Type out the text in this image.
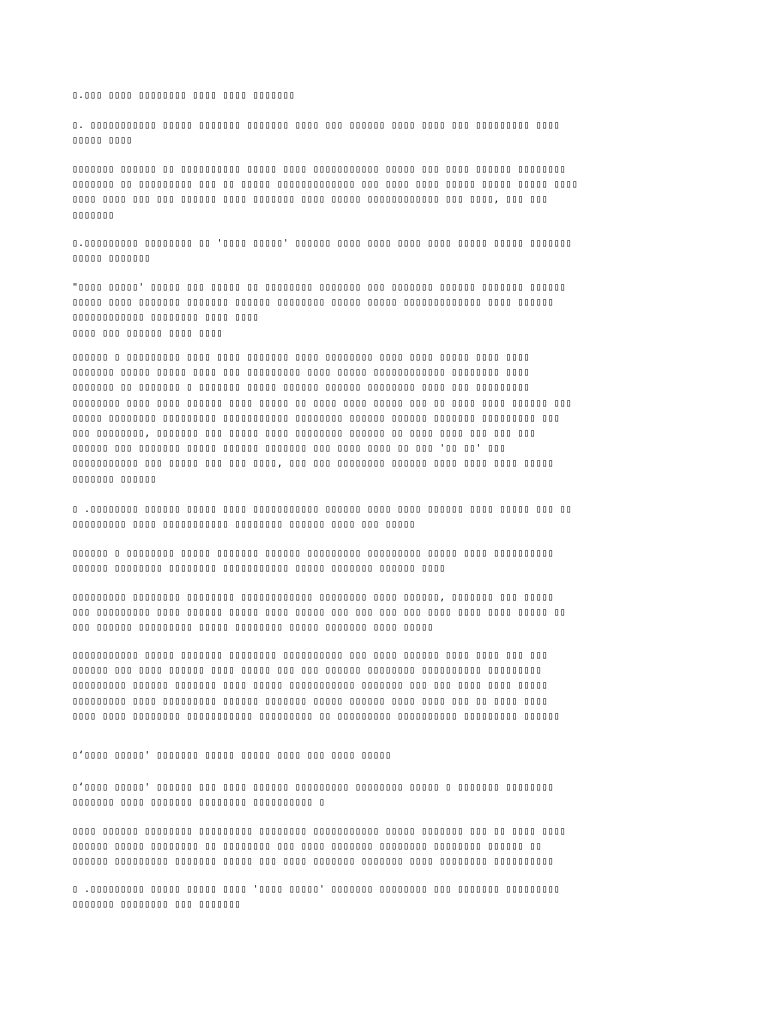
▯.▯▯▯ ▯▯▯▯ ▯▯▯▯▯▯▯▯ ▯▯▯▯ ▯▯▯▯ ▯▯▯▯▯▯▯

▯. ▯▯▯▯▯▯▯▯▯▯▯ ▯▯▯▯▯ ▯▯▯▯▯▯▯ ▯▯▯▯▯▯▯ ▯▯▯▯ ▯▯▯ ▯▯▯▯▯▯ ▯▯▯▯ ▯▯▯▯ ▯▯▯ ▯▯▯▯▯▯▯▯▯ ▯▯▯▯
▯▯▯▯▯ ▯▯▯▯

▯▯▯▯▯▯▯ ▯▯▯▯▯▯ ▯▯ ▯▯▯▯▯▯▯▯▯▯ ▯▯▯▯▯ ▯▯▯▯ ▯▯▯▯▯▯▯▯▯▯▯ ▯▯▯▯▯ ▯▯▯ ▯▯▯▯ ▯▯▯▯▯▯ ▯▯▯▯▯▯▯▯
▯▯▯▯▯▯▯ ▯▯ ▯▯▯▯▯▯▯▯▯ ▯▯▯ ▯▯ ▯▯▯▯▯ ▯▯▯▯▯▯▯▯▯▯▯▯▯ ▯▯▯ ▯▯▯▯ ▯▯▯▯ ▯▯▯▯▯ ▯▯▯▯▯ ▯▯▯▯▯ ▯▯▯▯
▯▯▯▯ ▯▯▯▯ ▯▯▯ ▯▯▯ ▯▯▯▯▯▯ ▯▯▯▯ ▯▯▯▯▯▯▯ ▯▯▯▯ ▯▯▯▯▯ ▯▯▯▯▯▯▯▯▯▯▯▯ ▯▯▯ ▯▯▯▯, ▯▯▯ ▯▯▯
▯▯▯▯▯▯▯

▯.▯▯▯▯▯▯▯▯▯ ▯▯▯▯▯▯▯▯ ▯▯ '▯▯▯▯ ▯▯▯▯▯' ▯▯▯▯▯▯ ▯▯▯▯ ▯▯▯▯ ▯▯▯▯ ▯▯▯▯ ▯▯▯▯▯ ▯▯▯▯▯ ▯▯▯▯▯▯▯
▯▯▯▯▯ ▯▯▯▯▯▯▯

"▯▯▯▯ ▯▯▯▯▯' ▯▯▯▯▯ ▯▯▯ ▯▯▯▯▯ ▯▯ ▯▯▯▯▯▯▯▯ ▯▯▯▯▯▯▯ ▯▯▯ ▯▯▯▯▯▯▯ ▯▯▯▯▯▯ ▯▯▯▯▯▯▯ ▯▯▯▯▯▯
▯▯▯▯▯ ▯▯▯▯ ▯▯▯▯▯▯▯ ▯▯▯▯▯▯▯ ▯▯▯▯▯▯ ▯▯▯▯▯▯▯▯ ▯▯▯▯▯ ▯▯▯▯▯ ▯▯▯▯▯▯▯▯▯▯▯▯▯ ▯▯▯▯ ▯▯▯▯▯▯
▯▯▯▯▯▯▯▯▯▯▯▯ ▯▯▯▯▯▯▯▯ ▯▯▯▯ ▯▯▯▯
▯▯▯▯ ▯▯▯ ▯▯▯▯▯▯ ▯▯▯▯ ▯▯▯▯

▯▯▯▯▯▯ ▯ ▯▯▯▯▯▯▯▯▯ ▯▯▯▯ ▯▯▯▯ ▯▯▯▯▯▯▯ ▯▯▯▯ ▯▯▯▯▯▯▯▯ ▯▯▯▯ ▯▯▯▯ ▯▯▯▯▯ ▯▯▯▯ ▯▯▯▯
▯▯▯▯▯▯▯ ▯▯▯▯▯ ▯▯▯▯▯ ▯▯▯▯ ▯▯▯ ▯▯▯▯▯▯▯▯▯ ▯▯▯▯ ▯▯▯▯▯ ▯▯▯▯▯▯▯▯▯▯▯▯ ▯▯▯▯▯▯▯▯ ▯▯▯▯
▯▯▯▯▯▯▯ ▯▯ ▯▯▯▯▯▯▯ ▯ ▯▯▯▯▯▯▯ ▯▯▯▯▯ ▯▯▯▯▯▯ ▯▯▯▯▯▯ ▯▯▯▯▯▯▯▯ ▯▯▯▯ ▯▯▯ ▯▯▯▯▯▯▯▯▯
▯▯▯▯▯▯▯▯ ▯▯▯▯ ▯▯▯▯ ▯▯▯▯▯▯ ▯▯▯▯ ▯▯▯▯▯ ▯▯ ▯▯▯▯ ▯▯▯▯ ▯▯▯▯▯ ▯▯▯ ▯▯ ▯▯▯▯ ▯▯▯▯ ▯▯▯▯▯▯ ▯▯▯
▯▯▯▯▯ ▯▯▯▯▯▯▯▯ ▯▯▯▯▯▯▯▯▯ ▯▯▯▯▯▯▯▯▯▯▯ ▯▯▯▯▯▯▯▯ ▯▯▯▯▯▯ ▯▯▯▯▯▯ ▯▯▯▯▯▯▯ ▯▯▯▯▯▯▯▯▯ ▯▯▯
▯▯▯ ▯▯▯▯▯▯▯▯, ▯▯▯▯▯▯▯ ▯▯▯ ▯▯▯▯▯ ▯▯▯▯ ▯▯▯▯▯▯▯▯ ▯▯▯▯▯▯ ▯▯ ▯▯▯▯ ▯▯▯▯ ▯▯▯ ▯▯▯ ▯▯▯
▯▯▯▯▯▯ ▯▯▯ ▯▯▯▯▯▯▯ ▯▯▯▯▯ ▯▯▯▯▯▯ ▯▯▯▯▯▯▯ ▯▯▯ ▯▯▯▯ ▯▯▯▯ ▯▯ ▯▯▯ '▯▯ ▯▯' ▯▯▯
▯▯▯▯▯▯▯▯▯▯▯ ▯▯▯ ▯▯▯▯▯ ▯▯▯ ▯▯▯ ▯▯▯▯, ▯▯▯ ▯▯▯ ▯▯▯▯▯▯▯▯ ▯▯▯▯▯▯ ▯▯▯▯ ▯▯▯▯ ▯▯▯▯ ▯▯▯▯▯
▯▯▯▯▯▯▯ ▯▯▯▯▯▯

▯ .▯▯▯▯▯▯▯▯ ▯▯▯▯▯▯ ▯▯▯▯▯ ▯▯▯▯ ▯▯▯▯▯▯▯▯▯▯▯ ▯▯▯▯▯▯ ▯▯▯▯ ▯▯▯▯ ▯▯▯▯▯▯ ▯▯▯▯ ▯▯▯▯▯ ▯▯▯ ▯▯
▯▯▯▯▯▯▯▯▯ ▯▯▯▯ ▯▯▯▯▯▯▯▯▯▯▯ ▯▯▯▯▯▯▯▯ ▯▯▯▯▯▯ ▯▯▯▯ ▯▯▯ ▯▯▯▯▯

▯▯▯▯▯▯ ▯ ▯▯▯▯▯▯▯▯ ▯▯▯▯▯ ▯▯▯▯▯▯▯ ▯▯▯▯▯▯ ▯▯▯▯▯▯▯▯▯ ▯▯▯▯▯▯▯▯▯ ▯▯▯▯▯ ▯▯▯▯ ▯▯▯▯▯▯▯▯▯▯
▯▯▯▯▯▯ ▯▯▯▯▯▯▯▯ ▯▯▯▯▯▯▯▯ ▯▯▯▯▯▯▯▯▯▯▯ ▯▯▯▯▯ ▯▯▯▯▯▯▯ ▯▯▯▯▯▯ ▯▯▯▯

▯▯▯▯▯▯▯▯▯ ▯▯▯▯▯▯▯▯ ▯▯▯▯▯▯▯▯ ▯▯▯▯▯▯▯▯▯▯▯▯ ▯▯▯▯▯▯▯▯ ▯▯▯▯ ▯▯▯▯▯▯, ▯▯▯▯▯▯▯ ▯▯▯ ▯▯▯▯▯
▯▯▯ ▯▯▯▯▯▯▯▯▯ ▯▯▯▯ ▯▯▯▯▯▯ ▯▯▯▯▯ ▯▯▯▯ ▯▯▯▯▯ ▯▯▯ ▯▯▯ ▯▯▯ ▯▯▯ ▯▯▯▯ ▯▯▯▯ ▯▯▯▯ ▯▯▯▯▯ ▯▯
▯▯▯ ▯▯▯▯▯▯ ▯▯▯▯▯▯▯▯▯ ▯▯▯▯▯ ▯▯▯▯▯▯▯▯ ▯▯▯▯▯ ▯▯▯▯▯▯▯ ▯▯▯▯ ▯▯▯▯▯

▯▯▯▯▯▯▯▯▯▯▯ ▯▯▯▯▯ ▯▯▯▯▯▯▯ ▯▯▯▯▯▯▯▯ ▯▯▯▯▯▯▯▯▯▯ ▯▯▯ ▯▯▯▯ ▯▯▯▯▯▯ ▯▯▯▯ ▯▯▯▯ ▯▯▯ ▯▯▯
▯▯▯▯▯▯ ▯▯▯ ▯▯▯▯ ▯▯▯▯▯▯ ▯▯▯▯ ▯▯▯▯▯ ▯▯▯ ▯▯▯ ▯▯▯▯▯▯ ▯▯▯▯▯▯▯▯ ▯▯▯▯▯▯▯▯▯▯ ▯▯▯▯▯▯▯▯▯
▯▯▯▯▯▯▯▯▯ ▯▯▯▯▯▯ ▯▯▯▯▯▯▯ ▯▯▯▯ ▯▯▯▯▯ ▯▯▯▯▯▯▯▯▯▯▯ ▯▯▯▯▯▯▯ ▯▯▯ ▯▯▯ ▯▯▯▯ ▯▯▯▯ ▯▯▯▯▯
▯▯▯▯▯▯▯▯▯ ▯▯▯▯ ▯▯▯▯▯▯▯▯▯ ▯▯▯▯▯▯ ▯▯▯▯▯▯▯ ▯▯▯▯▯ ▯▯▯▯▯▯ ▯▯▯▯ ▯▯▯▯ ▯▯▯ ▯▯ ▯▯▯▯ ▯▯▯▯
▯▯▯▯ ▯▯▯▯ ▯▯▯▯▯▯▯▯ ▯▯▯▯▯▯▯▯▯▯▯ ▯▯▯▯▯▯▯▯▯ ▯▯ ▯▯▯▯▯▯▯▯▯ ▯▯▯▯▯▯▯▯▯▯ ▯▯▯▯▯▯▯▯▯ ▯▯▯▯▯▯

▯‘▯▯▯▯ ▯▯▯▯▯' ▯▯▯▯▯▯▯ ▯▯▯▯▯ ▯▯▯▯▯ ▯▯▯▯ ▯▯▯ ▯▯▯▯ ▯▯▯▯▯

▯‘▯▯▯▯ ▯▯▯▯▯' ▯▯▯▯▯▯ ▯▯▯ ▯▯▯▯ ▯▯▯▯▯▯ ▯▯▯▯▯▯▯▯▯ ▯▯▯▯▯▯▯▯ ▯▯▯▯▯ ▯ ▯▯▯▯▯▯▯ ▯▯▯▯▯▯▯▯
▯▯▯▯▯▯▯ ▯▯▯▯ ▯▯▯▯▯▯▯ ▯▯▯▯▯▯▯▯ ▯▯▯▯▯▯▯▯▯▯ ▯

▯▯▯▯ ▯▯▯▯▯▯ ▯▯▯▯▯▯▯▯ ▯▯▯▯▯▯▯▯▯ ▯▯▯▯▯▯▯▯ ▯▯▯▯▯▯▯▯▯▯▯ ▯▯▯▯▯ ▯▯▯▯▯▯▯ ▯▯▯ ▯▯ ▯▯▯▯ ▯▯▯▯
▯▯▯▯▯▯ ▯▯▯▯▯ ▯▯▯▯▯▯▯▯ ▯▯ ▯▯▯▯▯▯▯▯ ▯▯▯ ▯▯▯▯ ▯▯▯▯▯▯▯ ▯▯▯▯▯▯▯▯ ▯▯▯▯▯▯▯▯ ▯▯▯▯▯▯ ▯▯
▯▯▯▯▯▯ ▯▯▯▯▯▯▯▯▯ ▯▯▯▯▯▯▯ ▯▯▯▯▯ ▯▯▯ ▯▯▯▯ ▯▯▯▯▯▯▯ ▯▯▯▯▯▯▯ ▯▯▯▯ ▯▯▯▯▯▯▯▯ ▯▯▯▯▯▯▯▯▯▯

▯ .▯▯▯▯▯▯▯▯▯ ▯▯▯▯▯ ▯▯▯▯▯ ▯▯▯▯ '▯▯▯▯ ▯▯▯▯▯' ▯▯▯▯▯▯▯ ▯▯▯▯▯▯▯▯ ▯▯▯ ▯▯▯▯▯▯▯ ▯▯▯▯▯▯▯▯▯
▯▯▯▯▯▯▯ ▯▯▯▯▯▯▯▯ ▯▯▯ ▯▯▯▯▯▯▯
